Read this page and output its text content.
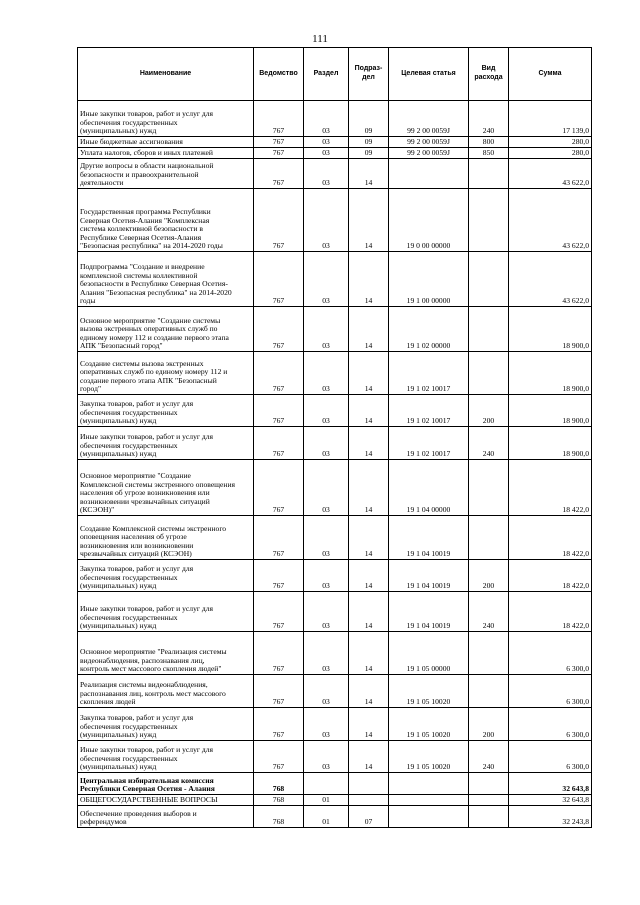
111
Наименование	Ведомство	Раздел	Подраз-
дел	Целевая статья	Вид
расхода	Сумма
Иные закупки товаров, работ и услуг для
обеспечения государственных
(муниципальных) нужд	767	03	09	99 2 00 0059J	240	17 139,0
Иные бюджетные ассигнования	767	03	09	99 2 00 0059J	800	280,0
Уплата налогов, сборов и иных платежей	767	03	09	99 2 00 0059J	850	280,0
Другие вопросы в области национальной
безопасности и правоохранительной
деятельности	767	03	14			43 622,0
Государственная программа Республики
Северная Осетия-Алания "Комплексная
система коллективной безопасности в
Республике Северная Осетия-Алания
"Безопасная республика" на 2014-2020 годы	767	03	14	19 0 00 00000		43 622,0
Подпрограмма "Создание и внедрение
комплексной системы коллективной
безопасности в Республике Северная Осетия-
Алания "Безопасная республика" на 2014-2020
годы	767	03	14	19 1 00 00000		43 622,0
Основное мероприятие "Создание системы
вызова экстренных оперативных служб по
единому номеру 112 и создание первого этапа
АПК "Безопасный город"	767	03	14	19 1 02 00000		18 900,0
Создание системы вызова экстренных
оперативных служб по единому номеру 112 и
создание первого этапа АПК "Безопасный
город"	767	03	14	19 1 02 10017		18 900,0
Закупка товаров, работ и услуг для
обеспечения государственных
(муниципальных) нужд	767	03	14	19 1 02 10017	200	18 900,0
Иные закупки товаров, работ и услуг для
обеспечения государственных
(муниципальных) нужд	767	03	14	19 1 02 10017	240	18 900,0
Основное мероприятие "Создание
Комплексной системы экстренного оповещения
населения об угрозе возникновения или
возникновении чрезвычайных ситуаций
(КСЭОН)"	767	03	14	19 1 04 00000		18 422,0
Создание Комплексной системы экстренного
оповещения населения об угрозе
возникновения или возникновении
чрезвычайных ситуаций (КСЭОН)	767	03	14	19 1 04 10019		18 422,0
Закупка товаров, работ и услуг для
обеспечения государственных
(муниципальных) нужд	767	03	14	19 1 04 10019	200	18 422,0
Иные закупки товаров, работ и услуг для
обеспечения государственных
(муниципальных) нужд	767	03	14	19 1 04 10019	240	18 422,0
Основное мероприятие "Реализация системы
видеонаблюдения, распознавания лиц,
контроль мест массового скопления людей"	767	03	14	19 1 05 00000		6 300,0
Реализация системы видеонаблюдения,
распознавания лиц, контроль мест массового
скопления людей	767	03	14	19 1 05 10020		6 300,0
Закупка товаров, работ и услуг для
обеспечения государственных
(муниципальных) нужд	767	03	14	19 1 05 10020	200	6 300,0
Иные закупки товаров, работ и услуг для
обеспечения государственных
(муниципальных) нужд	767	03	14	19 1 05 10020	240	6 300,0
Центральная избирательная комиссия
Республики Северная Осетия - Алания	768					32 643,8
ОБЩЕГОСУДАРСТВЕННЫЕ ВОПРОСЫ	768	01				32 643,8
Обеспечение проведения выборов и
референдумов	768	01	07			32 243,8
